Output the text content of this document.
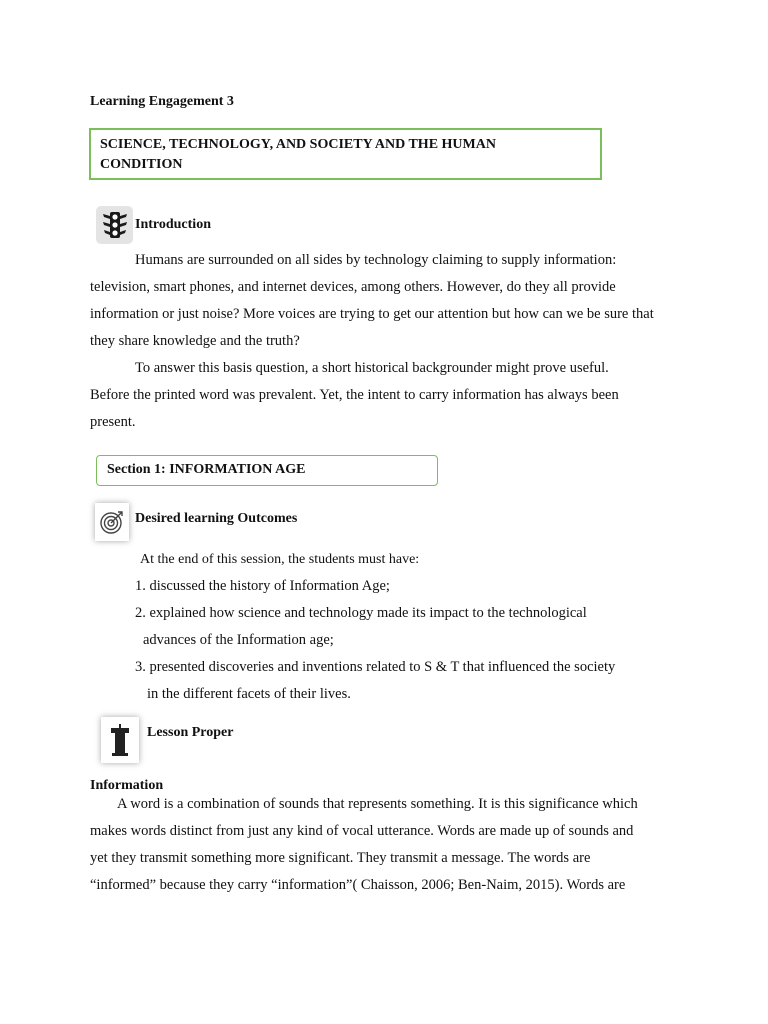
Learning Engagement 3
SCIENCE, TECHNOLOGY, AND SOCIETY AND THE HUMAN
CONDITION
Introduction
Humans are surrounded on all sides by technology claiming to supply information:
television, smart phones, and internet devices, among others. However, do they all provide
information or just noise? More voices are trying to get our attention but how can we be sure that
they share knowledge and the truth?
To answer this basis question, a short historical backgrounder might prove useful.
Before the printed word was prevalent. Yet, the intent to carry information has always been
present.
Section 1: INFORMATION AGE
Desired learning Outcomes
At the end of this session, the students must have:
1. discussed the history of Information Age;
2. explained how science and technology made its impact to the technological
advances of the Information age;
3. presented discoveries and inventions related to S & T that influenced the society
in the different facets of their lives.
Lesson Proper
Information
A word is a combination of sounds that represents something. It is this significance which
makes words distinct from just any kind of vocal utterance. Words are made up of sounds and
yet they transmit something more significant. They transmit a message. The words are
“informed” because they carry “information”( Chaisson, 2006; Ben-Naim, 2015). Words are
